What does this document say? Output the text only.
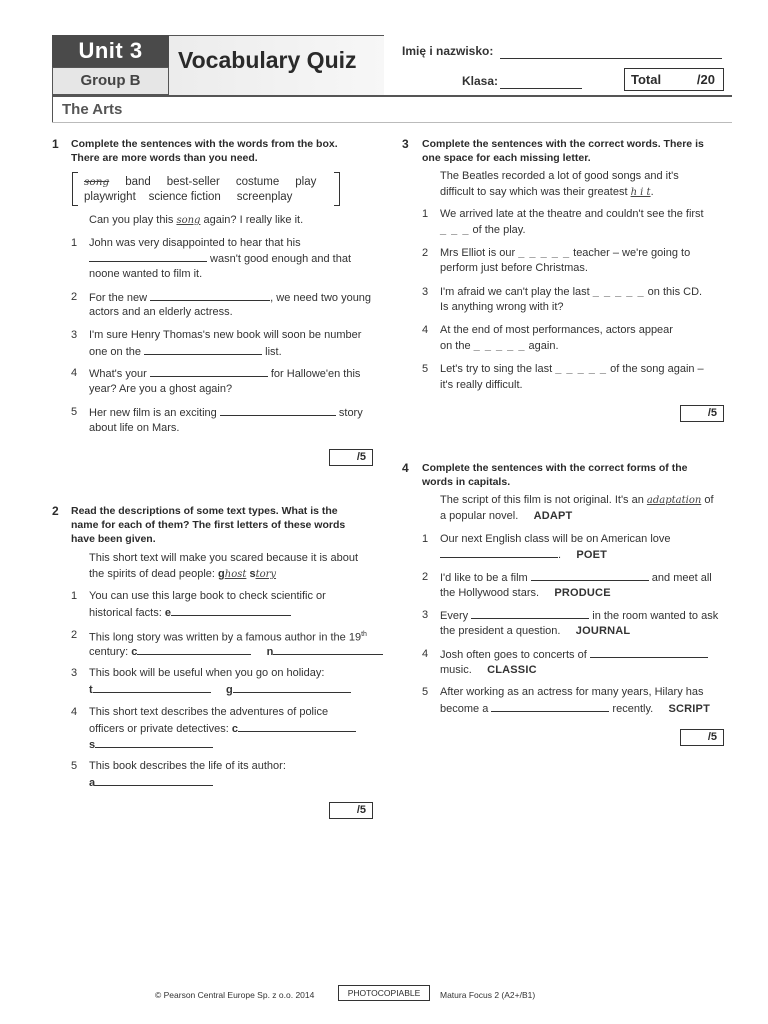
Unit 3
Group B
Vocabulary Quiz
The Arts
Imię i nazwisko:
Klasa:	Total	/20
1 Complete the sentences with the words from the box.
There are more words than you need.
song band best-seller costume play
playwright science fiction screenplay
Can you play this song again? I really like it.
1 John was very disappointed to hear that his
wasn't good enough and that
noone wanted to film it.
2 For the new	, we need two young
actors and an elderly actress.
3 I'm sure Henry Thomas's new book will soon be number
one on the	list.
4 What's your	for Hallowe'en this
year? Are you a ghost again?
5 Her new film is an exciting	story
about life on Mars.
/5
2 Read the descriptions of some text types. What is the
name for each of them? The first letters of these words
have been given.
This short text will make you scared because it is about
the spirits of dead people: ghost story
1 You can use this large book to check scientific or
historical facts: e
2 This long story was written by a famous author in the 19th
century: c	n
3 This book will be useful when you go on holiday:
t	g
4 This short text describes the adventures of police
officers or private detectives: c
s
5 This book describes the life of its author:
a
/5
3 Complete the sentences with the correct words. There is
one space for each missing letter.
The Beatles recorded a lot of good songs and it's
difficult to say which was their greatest h i t.
1 We arrived late at the theatre and couldn't see the first
_ _ _ of the play.
2 Mrs Elliot is our _ _ _ _ _ teacher – we're going to
perform just before Christmas.
3 I'm afraid we can't play the last _ _ _ _ _ on this CD.
Is anything wrong with it?
4 At the end of most performances, actors appear
on the _ _ _ _ _ again.
5 Let's try to sing the last _ _ _ _ _ of the song again –
it's really difficult.
/5
4 Complete the sentences with the correct forms of the
words in capitals.
The script of this film is not original. It's an adaptation of
a popular novel. ADAPT
1 Our next English class will be on American love
. POET
2 I'd like to be a film	and meet all
the Hollywood stars. PRODUCE
3 Every	in the room wanted to ask
the president a question. JOURNAL
4 Josh often goes to concerts of
music. CLASSIC
5 After working as an actress for many years, Hilary has
become a	recently. SCRIPT
/5
© Pearson Central Europe Sp. z o.o. 2014	PHOTOCOPIABLE	Matura Focus 2 (A2+/B1)
